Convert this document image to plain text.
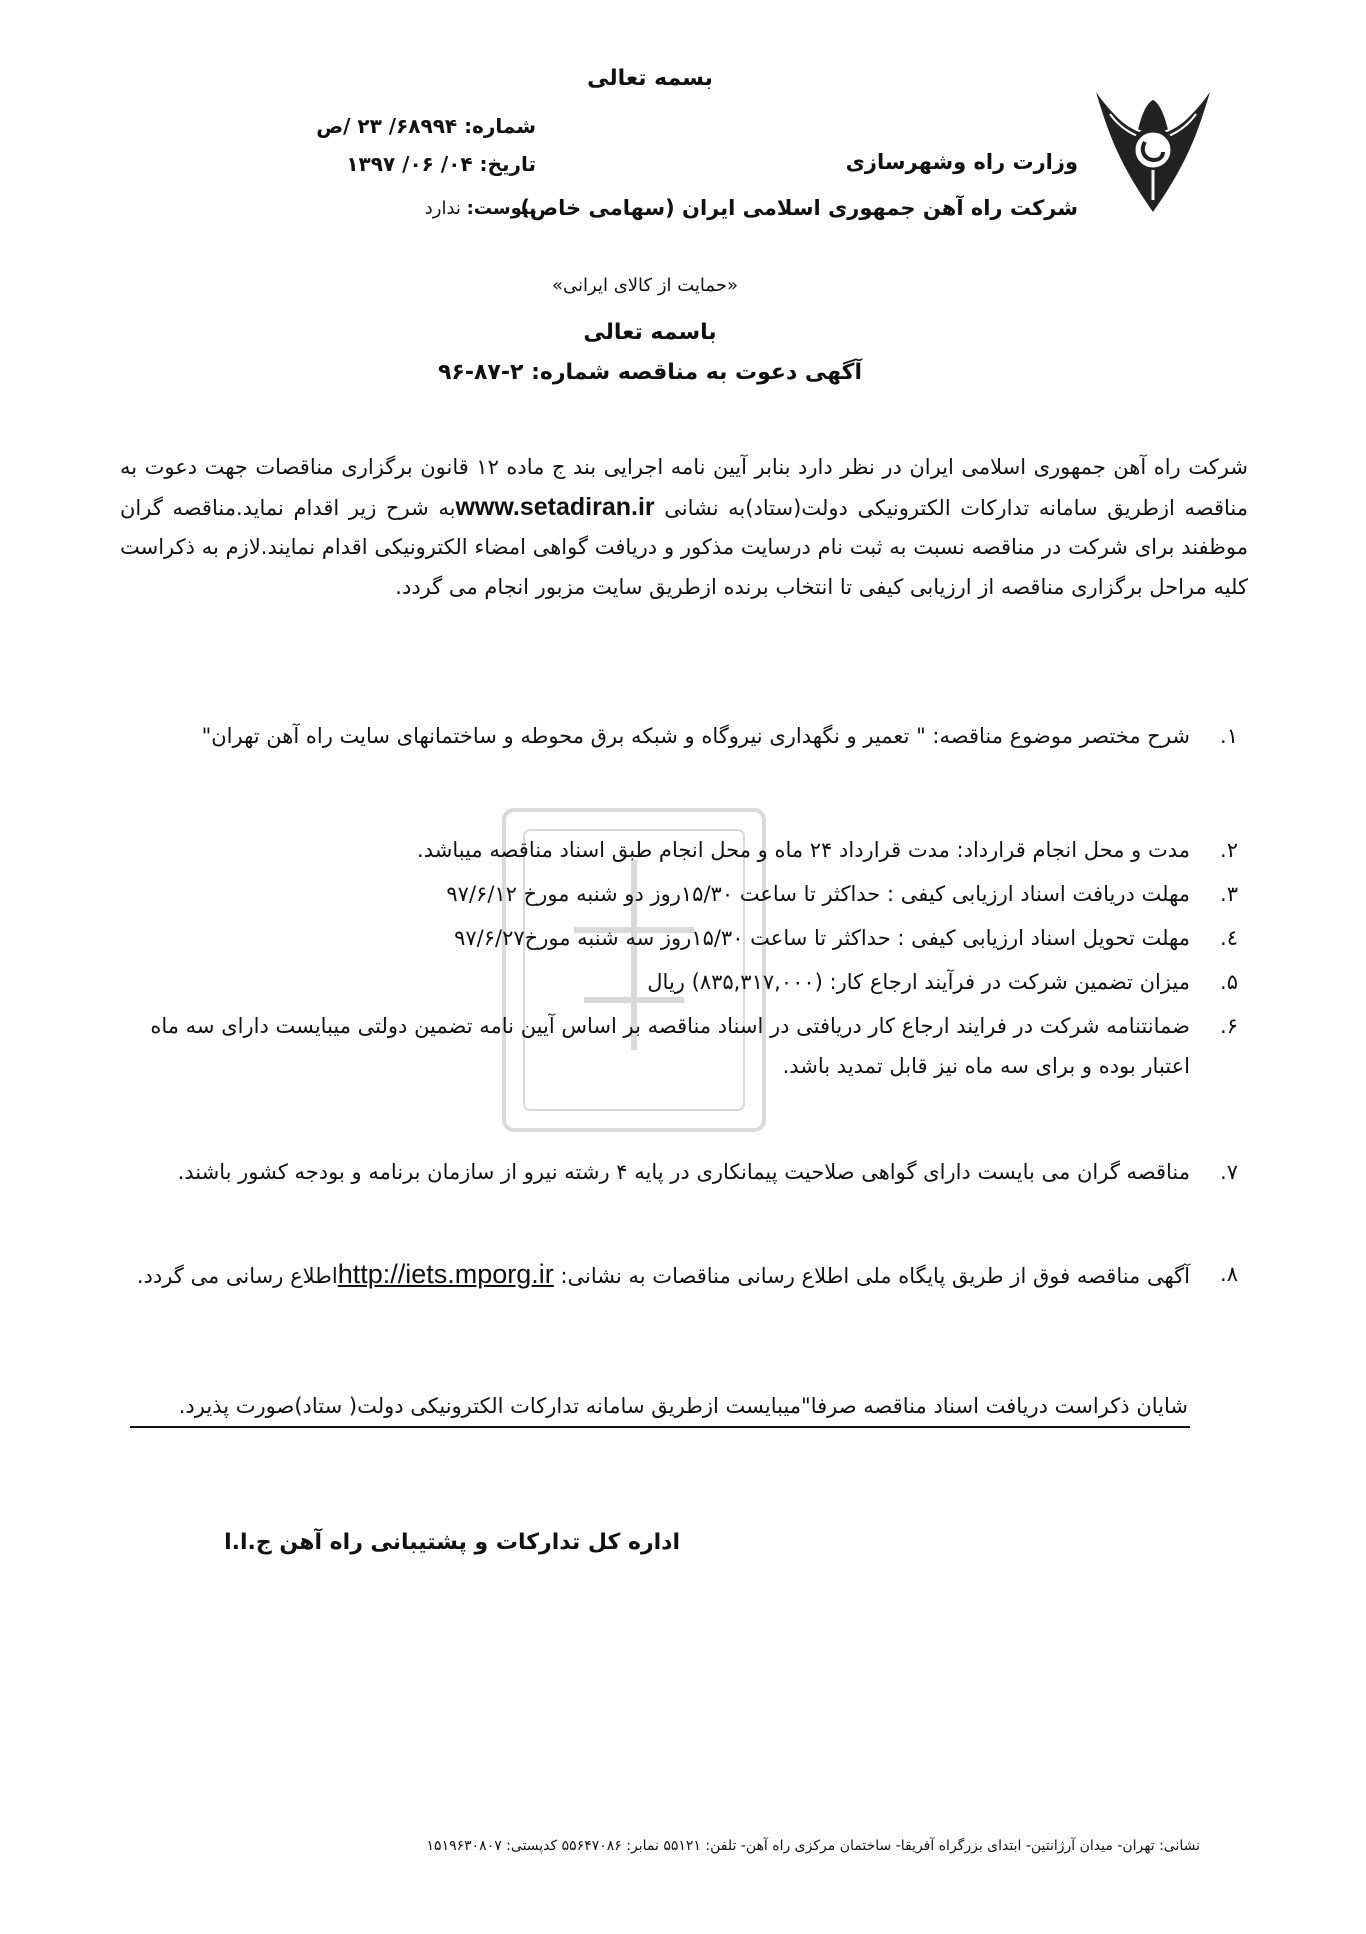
بسمه تعالی
شماره: ۶۸۹۹۴/ ۲۳ /ص
تاریخ: ۰۴/ ۰۶/ ۱۳۹۷
پیوست: ندارد
وزارت راه وشهرسازی
شرکت راه آهن جمهوری اسلامی ایران (سهامی خاص)
«حمایت از کالای ایرانی»
باسمه تعالی
آگهی دعوت به مناقصه شماره: ۲-۸۷-۹۶
شرکت راه آهن جمهوری اسلامی ایران در نظر دارد بنابر آیین نامه اجرایی بند ج ماده ۱۲ قانون برگزاری مناقصات جهت دعوت به مناقصه ازطریق سامانه تدارکات الکترونیکی دولت(ستاد)به نشانی www.setadiran.irبه شرح زیر اقدام نماید.مناقصه گران موظفند برای شرکت در مناقصه نسبت به ثبت نام درسایت مذکور و دریافت گواهی امضاء الکترونیکی اقدام نمایند.لازم به ذکراست کلیه مراحل برگزاری مناقصه از ارزیابی کیفی تا انتخاب برنده ازطریق سایت مزبور انجام می گردد.
۱.
شرح مختصر موضوع مناقصه: " تعمیر و نگهداری نیروگاه و شبکه برق محوطه و ساختمانهای سایت راه آهن تهران"
۲.
مدت و محل انجام قرارداد: مدت قرارداد ۲۴ ماه و محل انجام طبق اسناد مناقصه میباشد.
۳.
مهلت دریافت اسناد ارزیابی کیفی : حداکثر تا ساعت ۱۵/۳۰روز دو شنبه مورخ ۹۷/۶/۱۲
٤.
مهلت تحویل اسناد ارزیابی کیفی : حداکثر تا ساعت ۱۵/۳۰روز سه شنبه مورخ۹۷/۶/۲۷
۵.
میزان تضمین شرکت در فرآیند ارجاع کار: (۸۳۵,۳۱۷,۰۰۰) ریال
۶.
ضمانتنامه شرکت در فرایند ارجاع کار دریافتی در اسناد مناقصه بر اساس آیین نامه تضمین دولتی میبایست دارای سه ماه اعتبار بوده و برای سه ماه نیز قابل تمدید باشد.
۷.
مناقصه گران می بایست دارای گواهی صلاحیت پیمانکاری در پایه ۴ رشته نیرو از سازمان برنامه و بودجه کشور باشند.
۸.
آگهی مناقصه فوق از طریق پایگاه ملی اطلاع رسانی مناقصات به نشانی: http://iets.mporg.irاطلاع رسانی می گردد.
شایان ذکراست دریافت اسناد مناقصه صرفا"میبایست ازطریق سامانه تدارکات الکترونیکی دولت( ستاد)صورت پذیرد.
اداره کل تدارکات و پشتیبانی راه آهن ج.ا.ا
نشانی: تهران- میدان آرژانتین- ابتدای بزرگراه آفریقا- ساختمان مرکزی راه آهن- تلفن: ۵۵۱۲۱ نمابر: ۵۵۶۴۷۰۸۶ کدپستی: ۱۵۱۹۶۳۰۸۰۷
